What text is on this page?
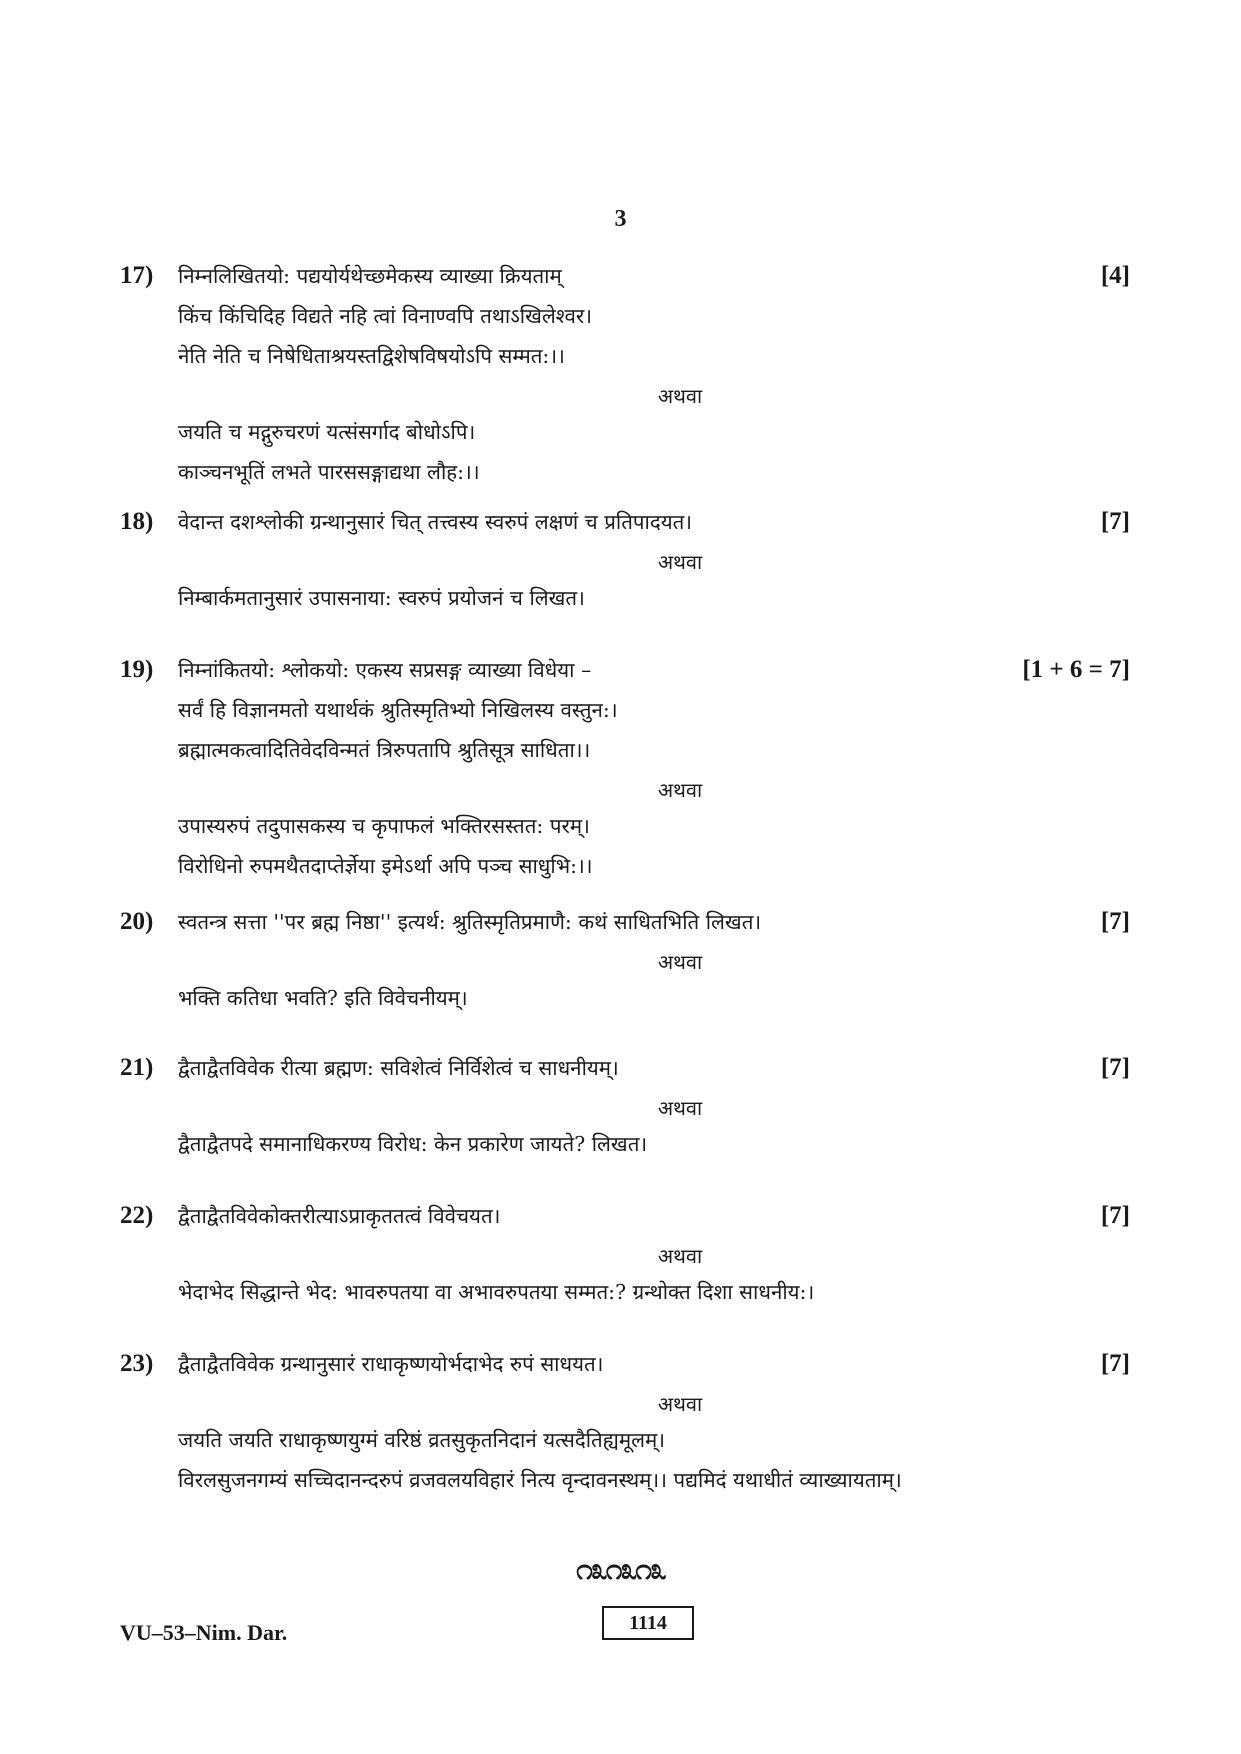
3
17)	निम्नलिखितयो: पद्ययोर्यथेच्छमेकस्य व्याख्या क्रियताम्	[4]
किंच किंचिदिह विद्यते नहि त्वां विनाण्वपि तथाऽखिलेश्वर।
नेति नेति च निषेधिताश्रयस्तद्विशेषविषयोऽपि सम्मत:।।
अथवा
जयति च मद्गुरुचरणं यत्संसर्गाद बोधोऽपि।
काञ्चनभूतिं लभते पारससङ्गाद्यथा लौह:।।
18)	वेदान्त दशश्लोकी ग्रन्थानुसारं चित् तत्त्वस्य स्वरुपं लक्षणं च प्रतिपादयत।	[7]
अथवा
निम्बार्कमतानुसारं उपासनाया: स्वरुपं प्रयोजनं च लिखत।
19)	निम्नांकितयो: श्लोकयो: एकस्य सप्रसङ्ग व्याख्या विधेया –	[1 + 6 = 7]
सर्वं हि विज्ञानमतो यथार्थकं श्रुतिस्मृतिभ्यो निखिलस्य वस्तुन:।
ब्रह्मात्मकत्वादितिवेदविन्मतं त्रिरुपतापि श्रुतिसूत्र साधिता।।
अथवा
उपास्यरुपं तदुपासकस्य च कृपाफलं भक्तिरसस्तत: परम्।
विरोधिनो रुपमथैतदाप्तेर्ज्ञेया इमेऽर्था अपि पञ्च साधुभि:।।
20)	स्वतन्त्र सत्ता ''पर ब्रह्म निष्ठा'' इत्यर्थ: श्रुतिस्मृतिप्रमाणै: कथं साधितभिति लिखत।	[7]
अथवा
भक्ति कतिधा भवति? इति विवेचनीयम्।
21)	द्वैताद्वैतविवेक रीत्या ब्रह्मण: सविशेत्वं निर्विशेत्वं च साधनीयम्।	[7]
अथवा
द्वैताद्वैतपदे समानाधिकरण्य विरोध: केन प्रकारेण जायते? लिखत।
22)	द्वैताद्वैतविवेकोक्तरीत्याऽप्राकृततत्वं विवेचयत।	[7]
अथवा
भेदाभेद सिद्धान्ते भेद: भावरुपतया वा अभावरुपतया सम्मत:? ग्रन्थोक्त दिशा साधनीय:।
23)	द्वैताद्वैतविवेक ग्रन्थानुसारं राधाकृष्णयोर्भदाभेद रुपं साधयत।	[7]
अथवा
जयति जयति राधाकृष्णयुग्मं वरिष्ठं व्रतसुकृतनिदानं यत्सदैतिह्यमूलम्।
विरलसुजनगम्यं सच्चिदानन्दरुपं व्रजवलयविहारं नित्य वृन्दावनस्थम्।। पद्यमिदं यथाधीतं व्याख्यायताम्।
೧೩೧೩೧೩
VU–53–Nim. Dar.	1114
